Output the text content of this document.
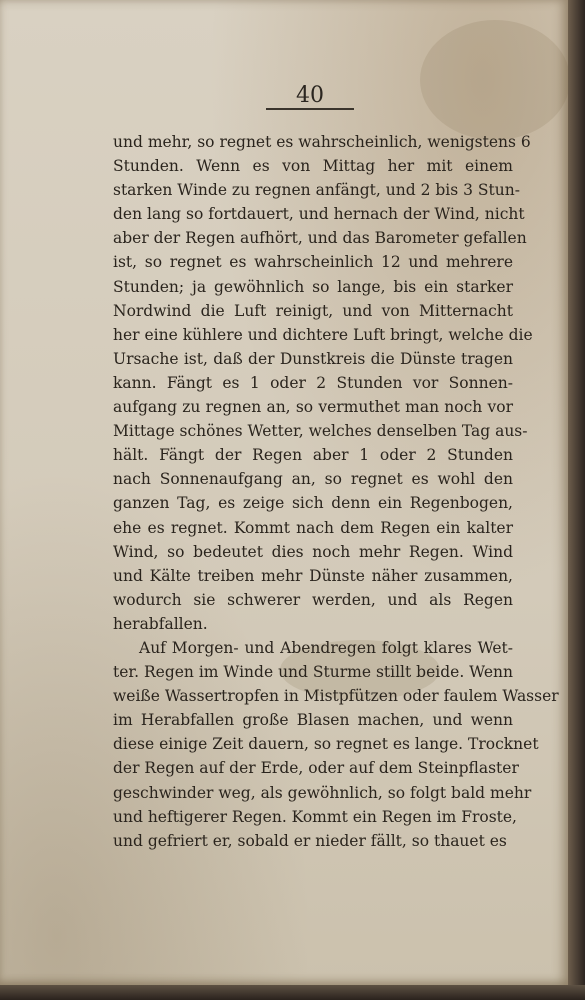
40
und mehr, so regnet es wahrscheinlich, wenigstens 6
Stunden. Wenn es von Mittag her mit einem
starken Winde zu regnen anfängt, und 2 bis 3 Stun-
den lang so fortdauert, und hernach der Wind, nicht
aber der Regen aufhört, und das Barometer gefallen
ist, so regnet es wahrscheinlich 12 und mehrere
Stunden; ja gewöhnlich so lange, bis ein starker
Nordwind die Luft reinigt, und von Mitternacht
her eine kühlere und dichtere Luft bringt, welche die
Ursache ist, daß der Dunstkreis die Dünste tragen
kann. Fängt es 1 oder 2 Stunden vor Sonnen-
aufgang zu regnen an, so vermuthet man noch vor
Mittage schönes Wetter, welches denselben Tag aus-
hält. Fängt der Regen aber 1 oder 2 Stunden
nach Sonnenaufgang an, so regnet es wohl den
ganzen Tag, es zeige sich denn ein Regenbogen,
ehe es regnet. Kommt nach dem Regen ein kalter
Wind, so bedeutet dies noch mehr Regen. Wind
und Kälte treiben mehr Dünste näher zusammen,
wodurch sie schwerer werden, und als Regen
herabfallen.
Auf Morgen- und Abendregen folgt klares Wet-
ter. Regen im Winde und Sturme stillt beide. Wenn
weiße Wassertropfen in Mistpfützen oder faulem Wasser
im Herabfallen große Blasen machen, und wenn
diese einige Zeit dauern, so regnet es lange. Trocknet
der Regen auf der Erde, oder auf dem Steinpflaster
geschwinder weg, als gewöhnlich, so folgt bald mehr
und heftigerer Regen. Kommt ein Regen im Froste,
und gefriert er, sobald er nieder fällt, so thauet es
